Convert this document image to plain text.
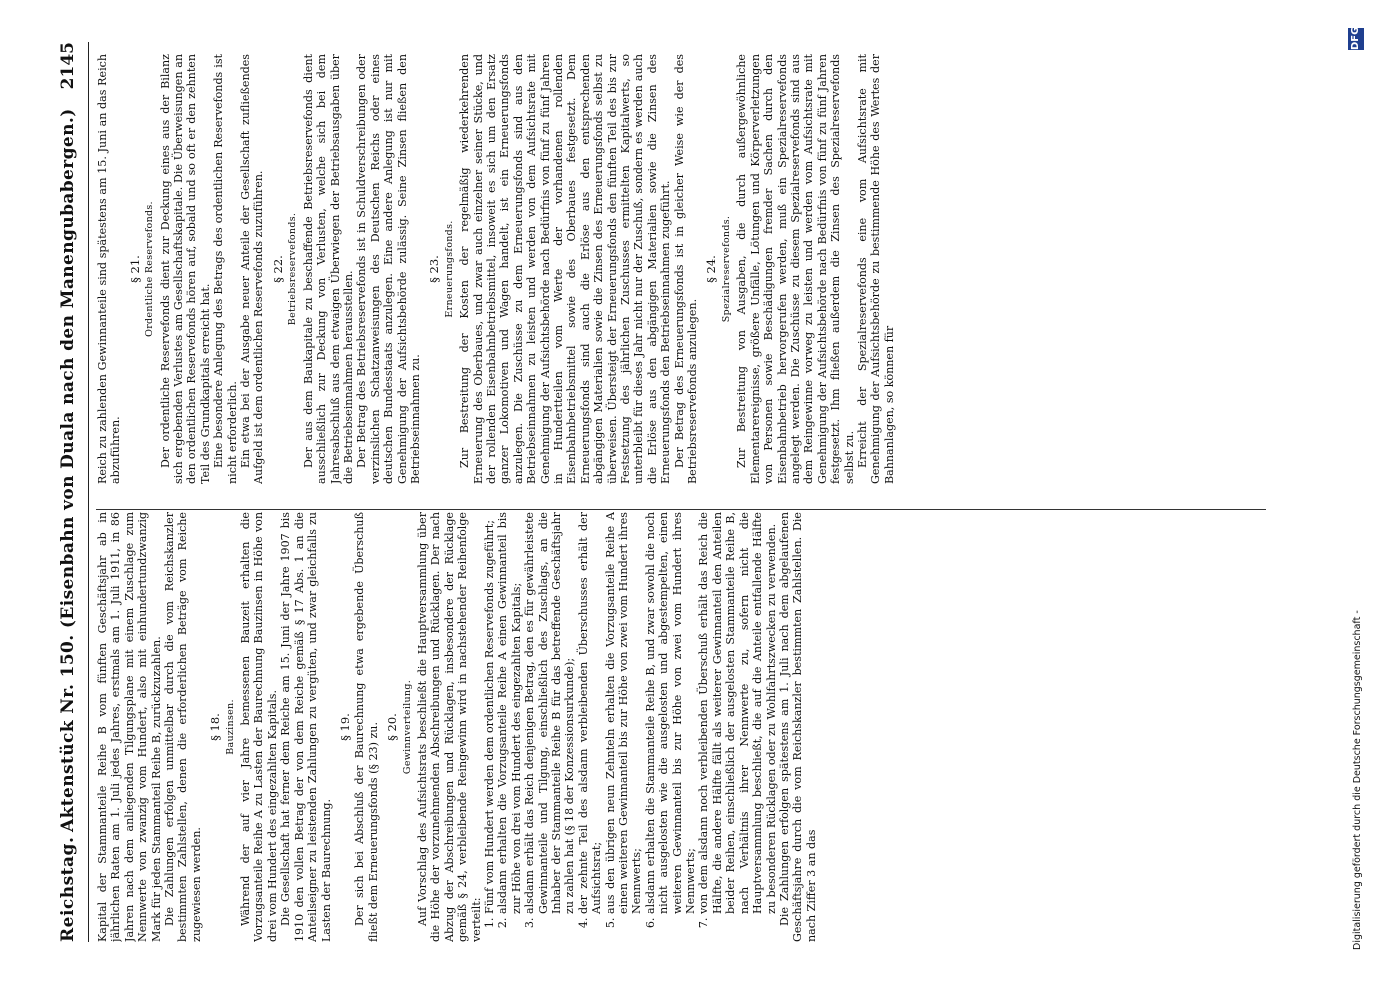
Reichstag.
Aktenstück Nr. 150. (Eisenbahn von Duala nach den Manengubabergen.)
2145

Kapital der Stammanteile Reihe B vom fünften Geschäftsjahr ab in jährlichen Raten am 1. Juli jedes Jahres, erstmals am 1. Juli 1911, in 86 Jahren nach dem anliegenden Tilgungsplane mit einem Zuschlage zum Nennwerte von zwanzig vom Hundert, also mit einhundertundzwanzig Mark für jeden Stammanteil Reihe B, zurückzuzahlen. Die Zahlungen erfolgen unmittelbar durch die vom Reichskanzler bestimmten Zahlstellen, denen die erforderlichen Beträge vom Reiche zugewiesen werden.

§ 18. Bauzinsen. Während der auf vier Jahre bemessenen Bauzeit erhalten die Vorzugsanteile Reihe A zu Lasten der Baurechnung Bauzinsen in Höhe von drei vom Hundert des eingezahlten Kapitals. Die Gesellschaft hat ferner dem Reiche am 15. Juni der Jahre 1907 bis 1910 den vollen Betrag der von dem Reiche gemäß § 17 Abs. 1 an die Anteilseigner zu leistenden Zahlungen zu vergüten, und zwar gleichfalls zu Lasten der Baurechnung.

§ 19. Der sich bei Abschluß der Baurechnung etwa ergebende Überschuß fließt dem Erneuerungsfonds (§ 23) zu. § 20. Gewinnverteilung. Auf Vorschlag des Aufsichtsrats beschließt die Hauptversammlung über die Höhe der vorzunehmenden Abschreibungen und Rücklagen. Der nach Abzug der Abschreibungen und Rücklagen, insbesondere der Rücklage gemäß § 24, verbleibende Reingewinn wird in nachstehender Reihenfolge verteilt:

1. Fünf vom Hundert werden dem ordentlichen Reservefonds zugeführt; 2. alsdann erhalten die Vorzugsanteile Reihe A einen Gewinnanteil bis zur Höhe von drei vom Hundert des eingezahlten Kapitals; 3. alsdann erhält das Reich denjenigen Betrag, den es für gewährleistete Gewinnanteile und Tilgung, einschließlich des Zuschlags, an die Inhaber der Stammanteile Reihe B für das betreffende Geschäftsjahr zu zahlen hat (§ 18 der Konzessionsurkunde); 4. der zehnte Teil des alsdann verbleibenden Überschusses erhält der Aufsichtsrat; 5. aus den übrigen neun Zehnteln erhalten die Vorzugsanteile Reihe A einen weiteren Gewinnanteil bis zur Höhe von zwei vom Hundert ihres Nennwerts; 6. alsdann erhalten die Stammanteile Reihe B, und zwar sowohl die noch nicht ausgelosten wie die ausgelosten und abgestempelten, einen weiteren Gewinnanteil bis zur Höhe von zwei vom Hundert ihres Nennwerts; 7. von dem alsdann noch verbleibenden Überschuß erhält das Reich die Hälfte, die andere Hälfte fällt als weiterer Gewinnanteil den Anteilen beider Reihen, einschließlich der ausgelosten Stammanteile Reihe B, nach Verhältnis ihrer Nennwerte zu, sofern nicht die Hauptversammlung beschließt, die auf die Anteile entfallende Hälfte zu besonderen Rücklagen oder zu Wohlfahrtszwecken zu verwenden. Die Zahlungen erfolgen spätestens am 1. Juli nach dem abgelaufenen Geschäftsjahre durch die vom Reichskanzler bestimmten Zahlstellen. Die nach Ziffer 3 an das

Reich zu zahlenden Gewinnanteile sind spätestens am 15. Juni an das Reich abzuführen.

§ 21. Ordentliche Reservefonds. Der ordentliche Reservefonds dient zur Deckung eines aus der Bilanz sich ergebenden Verlustes am Gesellschaftskapitale. Die Überweisungen an den ordentlichen Reservefonds hören auf, sobald und so oft er den zehnten Teil des Grundkapitals erreicht hat. Eine besondere Anlegung des Betrags des ordentlichen Reservefonds ist nicht erforderlich. Ein etwa bei der Ausgabe neuer Anteile der Gesellschaft zufließendes Aufgeld ist dem ordentlichen Reservefonds zuzuführen. § 22. Betriebsreservefonds. Der aus dem Baukapitale zu beschaffende Betriebsreservefonds dient ausschließlich zur Deckung von Verlusten, welche sich bei dem Jahresabschluß aus dem etwaigen Überwiegen der Betriebsausgaben über die Betriebseinnahmen herausstellen. Der Betrag des Betriebsreservefonds ist in Schuldverschreibungen oder verzinslichen Schatzanweisungen des Deutschen Reichs oder eines deutschen Bundesstaats anzulegen. Eine andere Anlegung ist nur mit Genehmigung der Aufsichtsbehörde zulässig. Seine Zinsen fließen den Betriebseinnahmen zu.

§ 23. Erneuerungsfonds. Zur Bestreitung der Kosten der regelmäßig wiederkehrenden Erneuerung des Oberbaues, und zwar auch einzelner seiner Stücke, und der rollenden Eisenbahnbetriebsmittel, insoweit es sich um den Ersatz ganzer Lokomotiven und Wagen handelt, ist ein Erneuerungsfonds anzulegen. Die Zuschüsse zu dem Erneuerungsfonds sind aus den Betriebseinnahmen zu leisten und werden von dem Aufsichtsrate mit Genehmigung der Aufsichtsbehörde nach Bedürfnis von fünf zu fünf Jahren in Hundertteilen vom Werte der vorhandenen rollenden Eisenbahnbetriebsmittel sowie des Oberbaues festgesetzt. Dem Erneuerungsfonds sind auch die Erlöse aus den entsprechenden abgängigen Materialien sowie die Zinsen des Erneuerungsfonds selbst zu überweisen. Übersteigt der Erneuerungsfonds den fünften Teil des bis zur Festsetzung des jährlichen Zuschusses ermittelten Kapitalwerts, so unterbleibt für dieses Jahr nicht nur der Zuschuß, sondern es werden auch die Erlöse aus den abgängigen Materialien sowie die Zinsen des Erneuerungsfonds den Betriebseinnahmen zugeführt. Der Betrag des Erneuerungsfonds ist in gleicher Weise wie der des Betriebsreservefonds anzulegen.

§ 24. Spezialreservefonds. Zur Bestreitung von Ausgaben, die durch außergewöhnliche Elementarereignisse, größere Unfälle, Lötungen und Körperverletzungen von Personen sowie Beschädigungen fremder Sachen durch den Eisenbahnbetrieb hervorgerufen werden, muß ein Spezialreservefonds angelegt werden. Die Zuschüsse zu diesem Spezialreservefonds sind aus dem Reingewinne vorweg zu leisten und werden vom Aufsichtsrate mit Genehmigung der Aufsichtsbehörde nach Bedürfnis von fünf zu fünf Jahren festgesetzt. Ihm fließen außerdem die Zinsen des Spezialreservefonds selbst zu. Erreicht der Spezialreservefonds eine vom Aufsichtsrate mit Genehmigung der Aufsichtsbehörde zu bestimmende Höhe des Wertes der Bahnanlagen, so können für

Digitalisierung gefördert durch die Deutsche Forschungsgemeinschaft -
DFG
